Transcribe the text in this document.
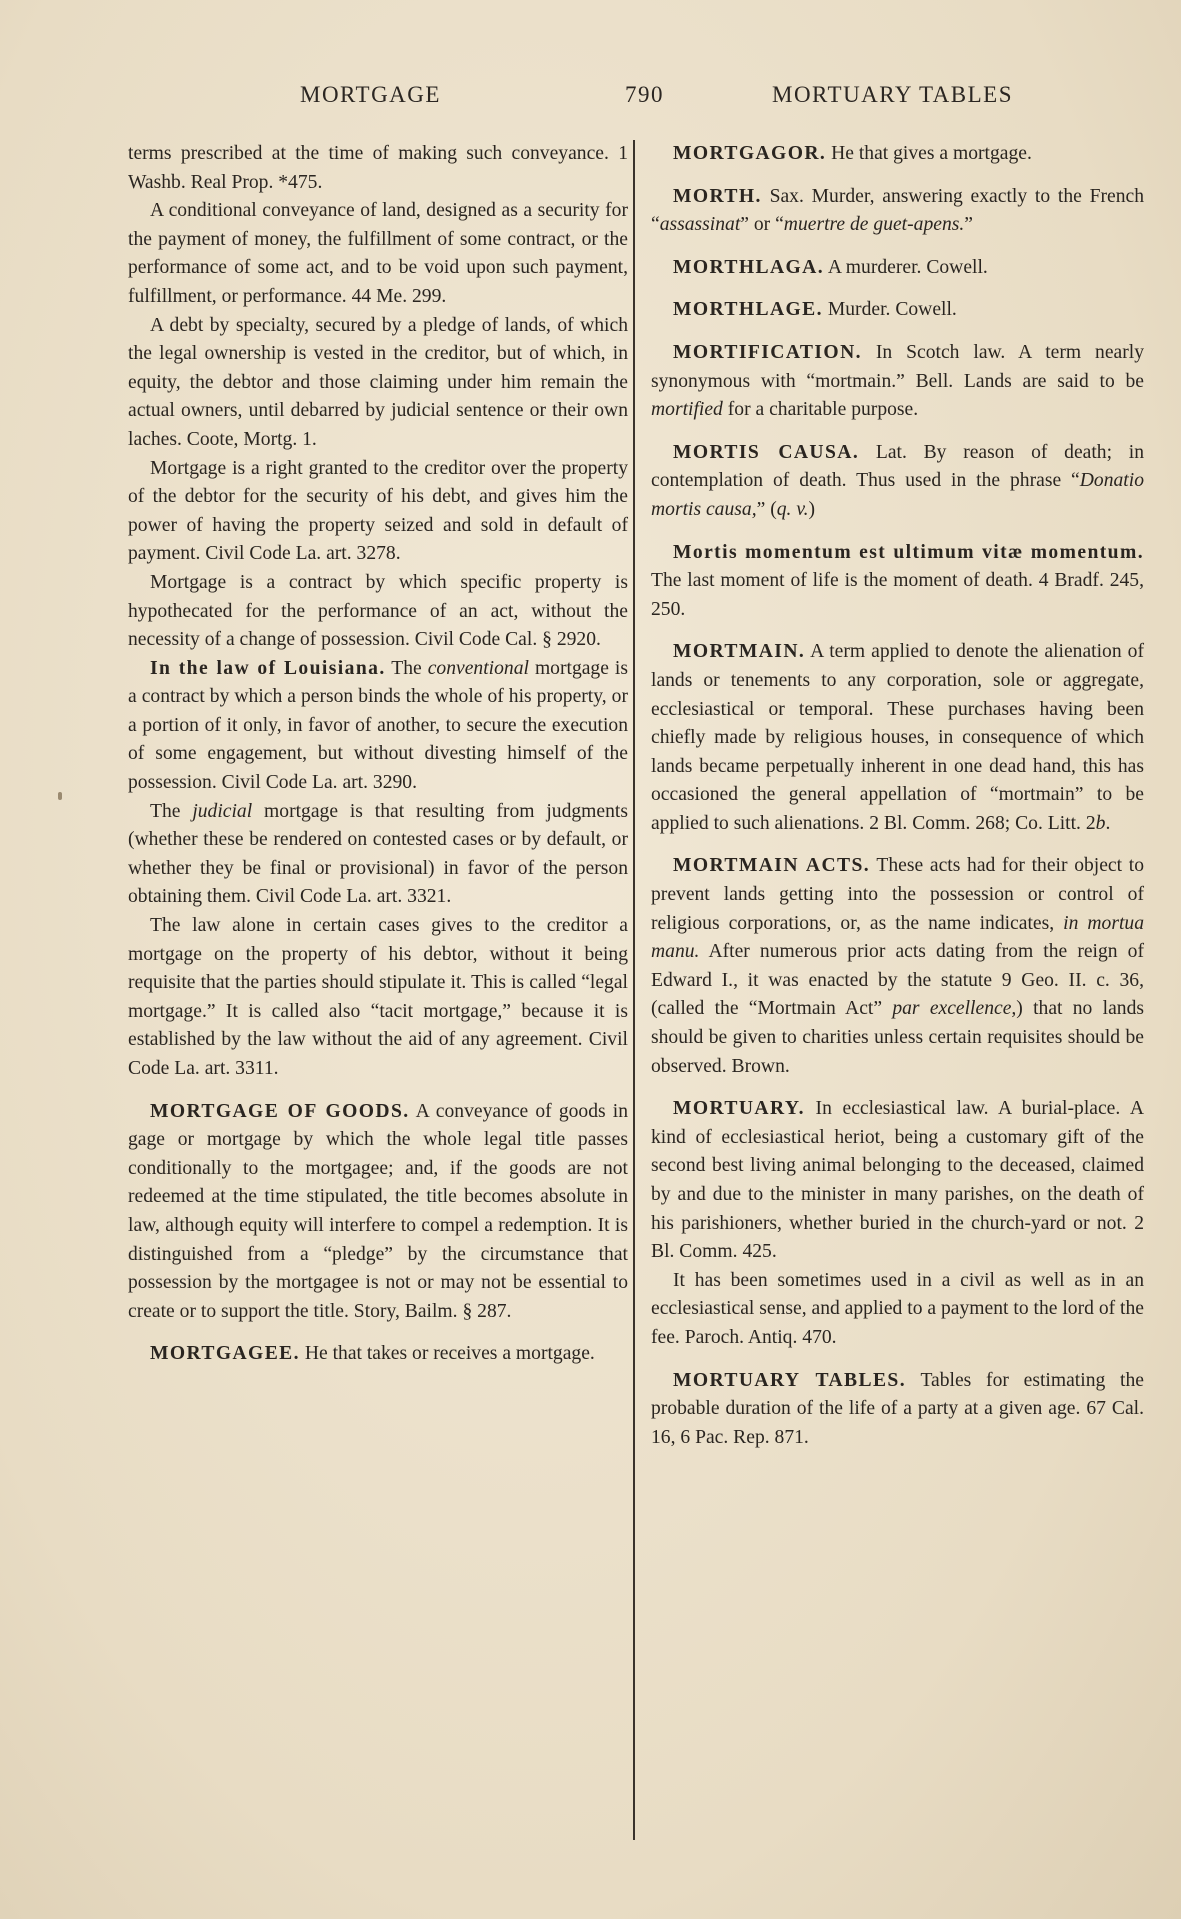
MORTGAGE	790	MORTUARY TABLES

terms prescribed at the time of making such conveyance. 1 Washb. Real Prop. *475.

A conditional conveyance of land, designed as a security for the payment of money, the fulfillment of some contract, or the performance of some act, and to be void upon such payment, fulfillment, or performance. 44 Me. 299.

A debt by specialty, secured by a pledge of lands, of which the legal ownership is vested in the creditor, but of which, in equity, the debtor and those claiming under him remain the actual owners, until debarred by judicial sentence or their own laches. Coote, Mortg. 1.

Mortgage is a right granted to the creditor over the property of the debtor for the security of his debt, and gives him the power of having the property seized and sold in default of payment. Civil Code La. art. 3278.

Mortgage is a contract by which specific property is hypothecated for the performance of an act, without the necessity of a change of possession. Civil Code Cal. § 2920.

In the law of Louisiana. The conventional mortgage is a contract by which a person binds the whole of his property, or a portion of it only, in favor of another, to secure the execution of some engagement, but without divesting himself of the possession. Civil Code La. art. 3290.

The judicial mortgage is that resulting from judgments (whether these be rendered on contested cases or by default, or whether they be final or provisional) in favor of the person obtaining them. Civil Code La. art. 3321.

The law alone in certain cases gives to the creditor a mortgage on the property of his debtor, without it being requisite that the parties should stipulate it. This is called “legal mortgage.” It is called also “tacit mortgage,” because it is established by the law without the aid of any agreement. Civil Code La. art. 3311.

MORTGAGE OF GOODS. A conveyance of goods in gage or mortgage by which the whole legal title passes conditionally to the mortgagee; and, if the goods are not redeemed at the time stipulated, the title becomes absolute in law, although equity will interfere to compel a redemption. It is distinguished from a “pledge” by the circumstance that possession by the mortgagee is not or may not be essential to create or to support the title. Story, Bailm. § 287.

MORTGAGEE. He that takes or receives a mortgage.

MORTGAGOR. He that gives a mortgage.

MORTH. Sax. Murder, answering exactly to the French “assassinat” or “muertre de guet-apens.”

MORTHLAGA. A murderer. Cowell.

MORTHLAGE. Murder. Cowell.

MORTIFICATION. In Scotch law. A term nearly synonymous with “mortmain.” Bell. Lands are said to be mortified for a charitable purpose.

MORTIS CAUSA. Lat. By reason of death; in contemplation of death. Thus used in the phrase “Donatio mortis causa,” (q. v.)

Mortis momentum est ultimum vitæ momentum. The last moment of life is the moment of death. 4 Bradf. 245, 250.

MORTMAIN. A term applied to denote the alienation of lands or tenements to any corporation, sole or aggregate, ecclesiastical or temporal. These purchases having been chiefly made by religious houses, in consequence of which lands became perpetually inherent in one dead hand, this has occasioned the general appellation of “mortmain” to be applied to such alienations. 2 Bl. Comm. 268; Co. Litt. 2b.

MORTMAIN ACTS. These acts had for their object to prevent lands getting into the possession or control of religious corporations, or, as the name indicates, in mortua manu. After numerous prior acts dating from the reign of Edward I., it was enacted by the statute 9 Geo. II. c. 36, (called the “Mortmain Act” par excellence,) that no lands should be given to charities unless certain requisites should be observed. Brown.

MORTUARY. In ecclesiastical law. A burial-place. A kind of ecclesiastical heriot, being a customary gift of the second best living animal belonging to the deceased, claimed by and due to the minister in many parishes, on the death of his parishioners, whether buried in the church-yard or not. 2 Bl. Comm. 425.

It has been sometimes used in a civil as well as in an ecclesiastical sense, and applied to a payment to the lord of the fee. Paroch. Antiq. 470.

MORTUARY TABLES. Tables for estimating the probable duration of the life of a party at a given age. 67 Cal. 16, 6 Pac. Rep. 871.
